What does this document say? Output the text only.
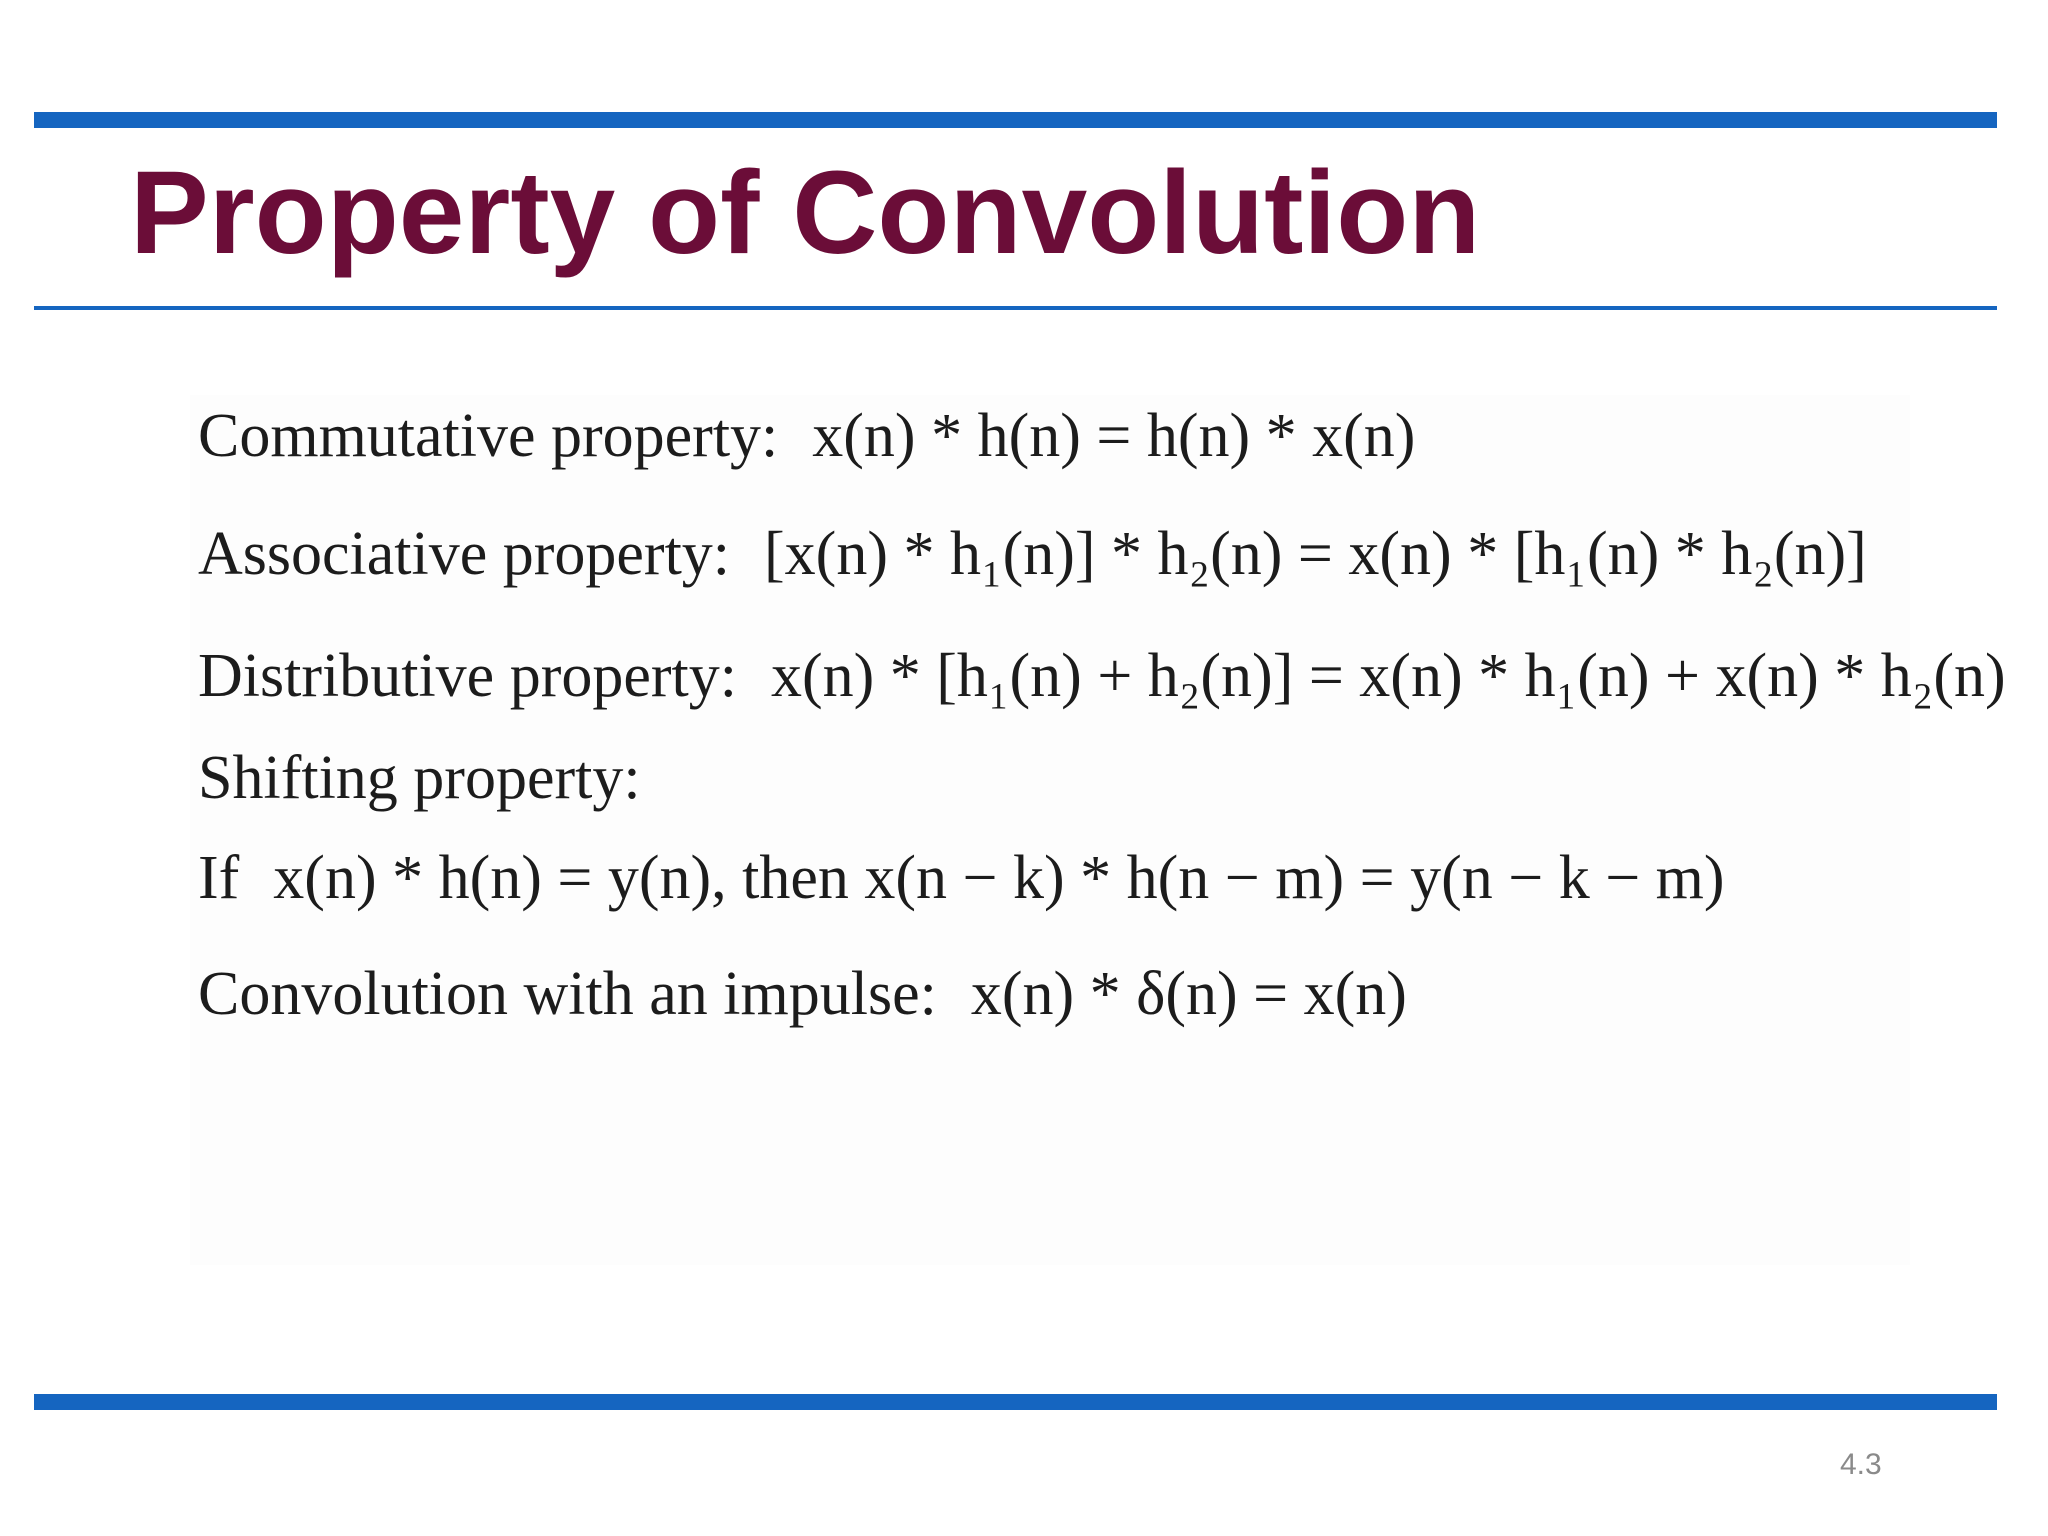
Property of Convolution
Commutative property: x(n) * h(n) = h(n) * x(n)
Associative property: [x(n) * h₁(n)] * h₂(n) = x(n) * [h₁(n) * h₂(n)]
Distributive property: x(n) * [h₁(n) + h₂(n)] = x(n) * h₁(n) + x(n) * h₂(n)
Shifting property:
If x(n) * h(n) = y(n), then x(n − k) * h(n − m) = y(n − k − m)
Convolution with an impulse: x(n) * δ(n) = x(n)
4.3
